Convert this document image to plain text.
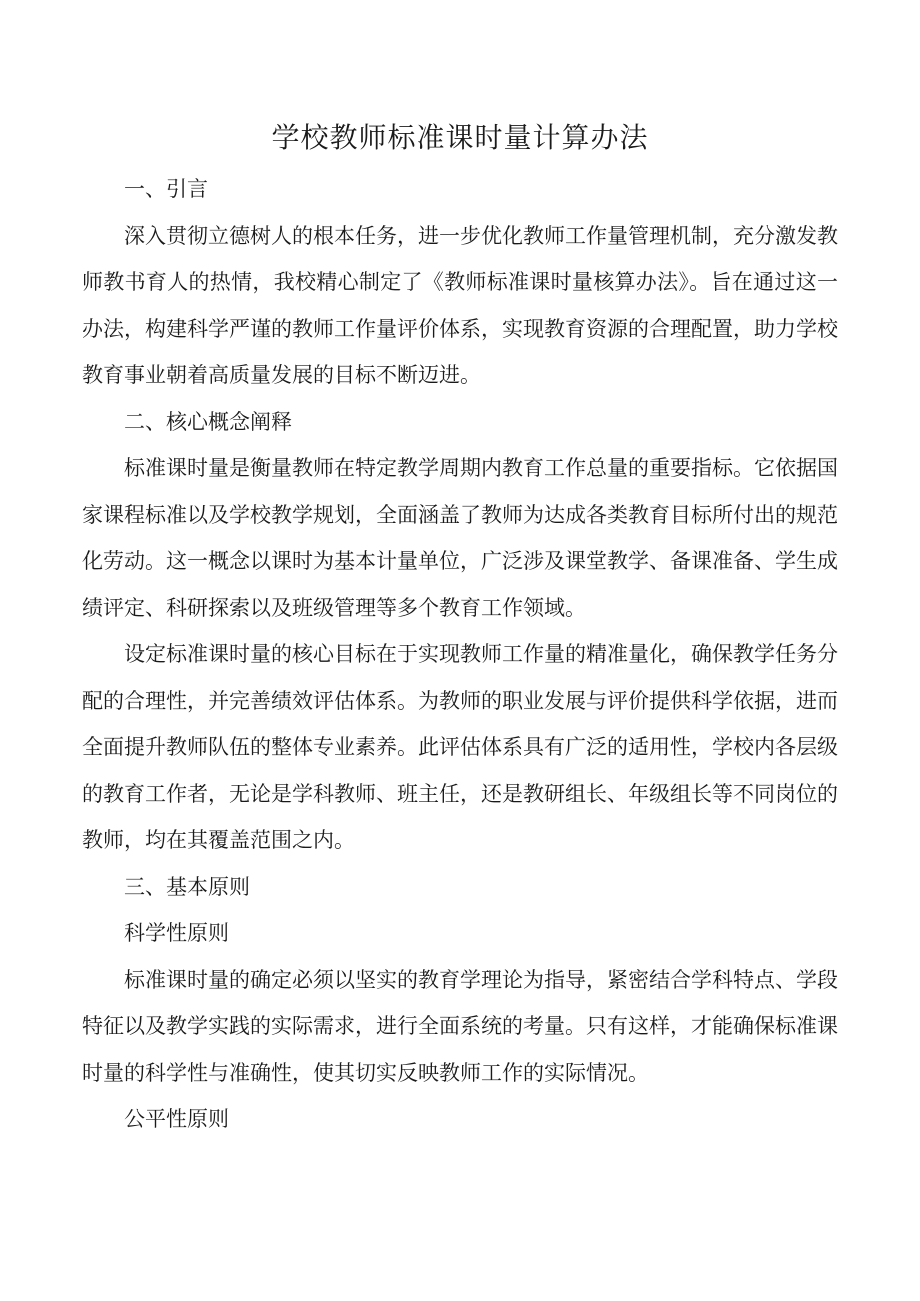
学校教师标准课时量计算办法

一、引言

深入贯彻立德树人的根本任务，进一步优化教师工作量管理机制，充分激发教师教书育人的热情，我校精心制定了《教师标准课时量核算办法》。旨在通过这一办法，构建科学严谨的教师工作量评价体系，实现教育资源的合理配置，助力学校教育事业朝着高质量发展的目标不断迈进。

二、核心概念阐释

标准课时量是衡量教师在特定教学周期内教育工作总量的重要指标。它依据国家课程标准以及学校教学规划，全面涵盖了教师为达成各类教育目标所付出的规范化劳动。这一概念以课时为基本计量单位，广泛涉及课堂教学、备课准备、学生成绩评定、科研探索以及班级管理等多个教育工作领域。

设定标准课时量的核心目标在于实现教师工作量的精准量化，确保教学任务分配的合理性，并完善绩效评估体系。为教师的职业发展与评价提供科学依据，进而全面提升教师队伍的整体专业素养。此评估体系具有广泛的适用性，学校内各层级的教育工作者，无论是学科教师、班主任，还是教研组长、年级组长等不同岗位的教师，均在其覆盖范围之内。

三、基本原则

科学性原则

标准课时量的确定必须以坚实的教育学理论为指导，紧密结合学科特点、学段特征以及教学实践的实际需求，进行全面系统的考量。只有这样，才能确保标准课时量的科学性与准确性，使其切实反映教师工作的实际情况。

公平性原则
